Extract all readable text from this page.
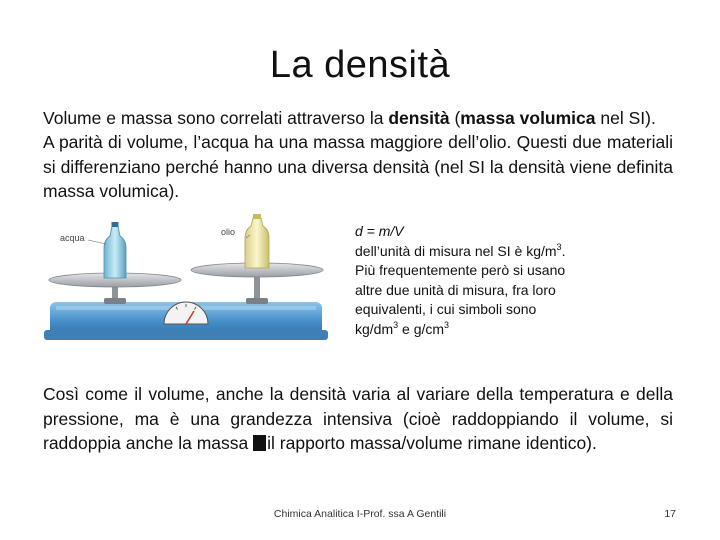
La densità
Volume e massa sono correlati attraverso la densità (massa volumica nel SI).
A parità di volume, l’acqua ha una massa maggiore dell’olio. Questi due materiali si differenziano perché hanno una diversa densità (nel SI la densità viene definita massa volumica).
acqua
olio	d = m/V
dell’unità di misura nel SI è $kg/m^3$.
Più frequentemente però si usano
altre due unità di misura, fra loro
equivalenti, i cui simboli sono
$kg/dm^3$ e $g/cm^3$
Così come il volume, anche la densità varia al variare della temperatura e della pressione, ma è una grandezza intensiva (cioè raddoppiando il volume, si raddoppia anche la massa il rapporto massa/volume rimane identico).
Chimica Analitica I-Prof. ssa A Gentili	17
